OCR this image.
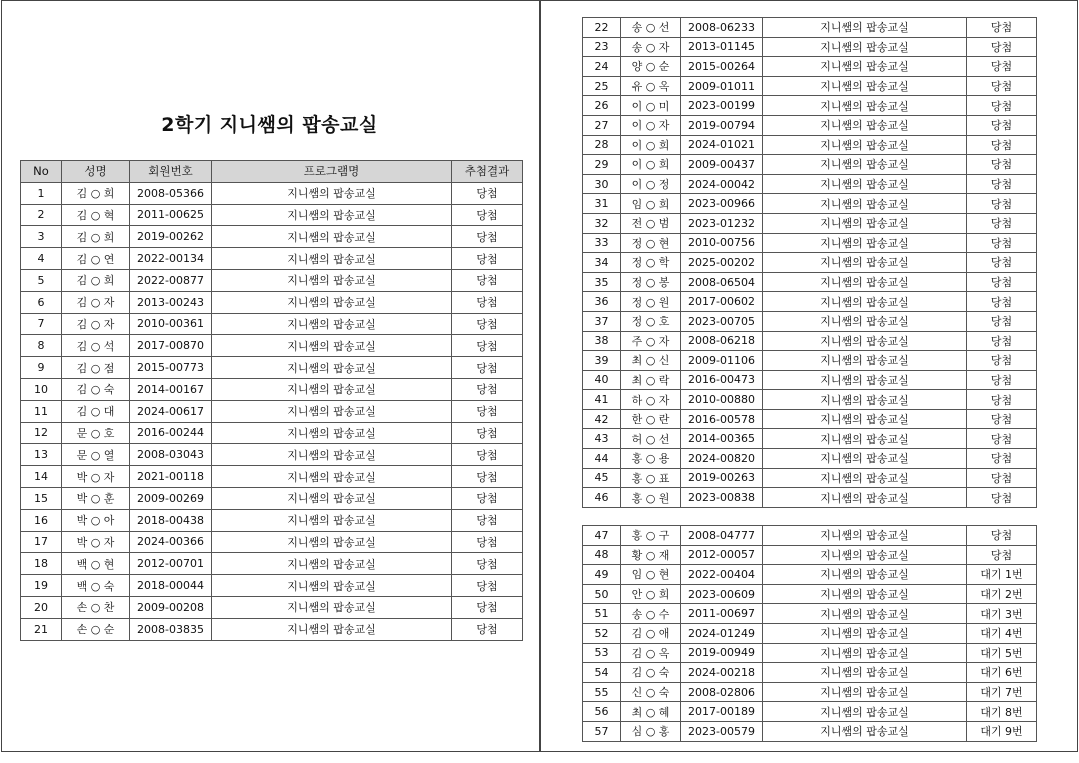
2학기 지니쌤의 팝송교실
No	성명	회원번호	프로그램명	추첨결과
1	김 ○ 희	2008-05366	지니쌤의 팝송교실	당첨
2	김 ○ 혁	2011-00625	지니쌤의 팝송교실	당첨
3	김 ○ 희	2019-00262	지니쌤의 팝송교실	당첨
4	김 ○ 연	2022-00134	지니쌤의 팝송교실	당첨
5	김 ○ 희	2022-00877	지니쌤의 팝송교실	당첨
6	김 ○ 자	2013-00243	지니쌤의 팝송교실	당첨
7	김 ○ 자	2010-00361	지니쌤의 팝송교실	당첨
8	김 ○ 석	2017-00870	지니쌤의 팝송교실	당첨
9	김 ○ 점	2015-00773	지니쌤의 팝송교실	당첨
10	김 ○ 숙	2014-00167	지니쌤의 팝송교실	당첨
11	김 ○ 대	2024-00617	지니쌤의 팝송교실	당첨
12	문 ○ 호	2016-00244	지니쌤의 팝송교실	당첨
13	문 ○ 열	2008-03043	지니쌤의 팝송교실	당첨
14	박 ○ 자	2021-00118	지니쌤의 팝송교실	당첨
15	박 ○ 훈	2009-00269	지니쌤의 팝송교실	당첨
16	박 ○ 아	2018-00438	지니쌤의 팝송교실	당첨
17	박 ○ 자	2024-00366	지니쌤의 팝송교실	당첨
18	백 ○ 현	2012-00701	지니쌤의 팝송교실	당첨
19	백 ○ 숙	2018-00044	지니쌤의 팝송교실	당첨
20	손 ○ 찬	2009-00208	지니쌤의 팝송교실	당첨
21	손 ○ 순	2008-03835	지니쌤의 팝송교실	당첨
22	송 ○ 선	2008-06233	지니쌤의 팝송교실	당첨
23	송 ○ 자	2013-01145	지니쌤의 팝송교실	당첨
24	양 ○ 순	2015-00264	지니쌤의 팝송교실	당첨
25	유 ○ 옥	2009-01011	지니쌤의 팝송교실	당첨
26	이 ○ 미	2023-00199	지니쌤의 팝송교실	당첨
27	이 ○ 자	2019-00794	지니쌤의 팝송교실	당첨
28	이 ○ 희	2024-01021	지니쌤의 팝송교실	당첨
29	이 ○ 희	2009-00437	지니쌤의 팝송교실	당첨
30	이 ○ 정	2024-00042	지니쌤의 팝송교실	당첨
31	임 ○ 희	2023-00966	지니쌤의 팝송교실	당첨
32	전 ○ 범	2023-01232	지니쌤의 팝송교실	당첨
33	정 ○ 현	2010-00756	지니쌤의 팝송교실	당첨
34	정 ○ 학	2025-00202	지니쌤의 팝송교실	당첨
35	정 ○ 봉	2008-06504	지니쌤의 팝송교실	당첨
36	정 ○ 원	2017-00602	지니쌤의 팝송교실	당첨
37	정 ○ 호	2023-00705	지니쌤의 팝송교실	당첨
38	주 ○ 자	2008-06218	지니쌤의 팝송교실	당첨
39	최 ○ 신	2009-01106	지니쌤의 팝송교실	당첨
40	최 ○ 락	2016-00473	지니쌤의 팝송교실	당첨
41	하 ○ 자	2010-00880	지니쌤의 팝송교실	당첨
42	한 ○ 란	2016-00578	지니쌤의 팝송교실	당첨
43	허 ○ 선	2014-00365	지니쌤의 팝송교실	당첨
44	홍 ○ 용	2024-00820	지니쌤의 팝송교실	당첨
45	홍 ○ 표	2019-00263	지니쌤의 팝송교실	당첨
46	홍 ○ 원	2023-00838	지니쌤의 팝송교실	당첨
47	홍 ○ 구	2008-04777	지니쌤의 팝송교실	당첨
48	황 ○ 재	2012-00057	지니쌤의 팝송교실	당첨
49	임 ○ 현	2022-00404	지니쌤의 팝송교실	대기 1번
50	안 ○ 희	2023-00609	지니쌤의 팝송교실	대기 2번
51	송 ○ 수	2011-00697	지니쌤의 팝송교실	대기 3번
52	김 ○ 애	2024-01249	지니쌤의 팝송교실	대기 4번
53	김 ○ 옥	2019-00949	지니쌤의 팝송교실	대기 5번
54	김 ○ 숙	2024-00218	지니쌤의 팝송교실	대기 6번
55	신 ○ 숙	2008-02806	지니쌤의 팝송교실	대기 7번
56	최 ○ 혜	2017-00189	지니쌤의 팝송교실	대기 8번
57	심 ○ 홍	2023-00579	지니쌤의 팝송교실	대기 9번
